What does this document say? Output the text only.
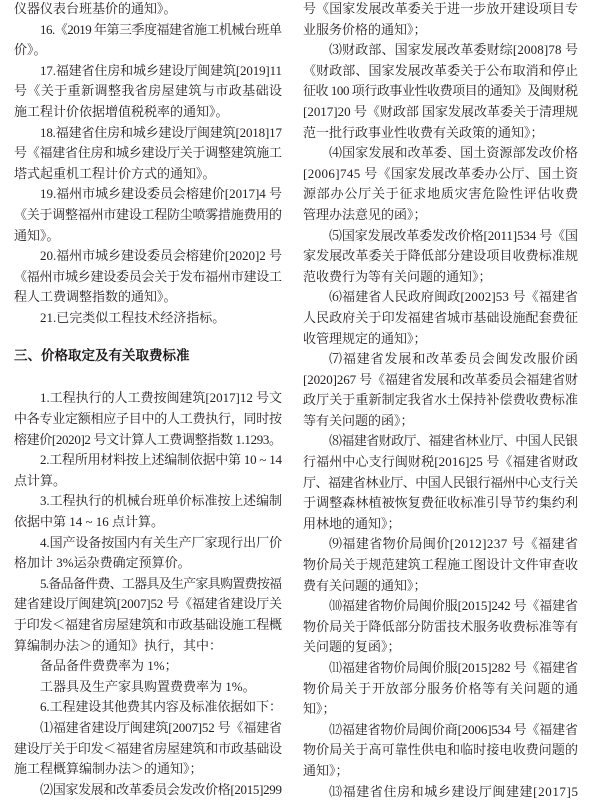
仪器仪表台班基价的通知》。
16.《2019 年第三季度福建省施工机械台班单
价》。
17.福建省住房和城乡建设厅闽建筑[2019]11
号《关于重新调整我省房屋建筑与市政基础设
施工程计价依据增值税税率的通知》。
18.福建省住房和城乡建设厅闽建筑[2018]17
号《福建省住房和城乡建设厅关于调整建筑施工
塔式起重机工程计价方式的通知》。
19.福州市城乡建设委员会榕建价[2017]4 号
《关于调整福州市建设工程防尘喷雾措施费用的
通知》。
20.福州市城乡建设委员会榕建价[2020]2 号
《福州市城乡建设委员会关于发布福州市建设工
程人工费调整指数的通知》。
21.已完类似工程技术经济指标。
三、价格取定及有关取费标准
1.工程执行的人工费按闽建筑[2017]12 号文
中各专业定额相应子目中的人工费执行，同时按
榕建价[2020]2 号文计算人工费调整指数 1.1293。
2.工程所用材料按上述编制依据中第 10 ~ 14
点计算。
3.工程执行的机械台班单价标准按上述编制
依据中第 14 ~ 16 点计算。
4.国产设备按国内有关生产厂家现行出厂价
格加计 3%运杂费确定预算价。
5.备品备件费、工器具及生产家具购置费按福
建省建设厅闽建筑[2007]52 号《福建省建设厅关
于印发＜福建省房屋建筑和市政基础设施工程概
算编制办法＞的通知》执行，其中：
备品备件费费率为 1%；
工器具及生产家具购置费费率为 1%。
6.工程建设其他费其内容及标准依据如下：
⑴福建省建设厅闽建筑[2007]52 号《福建省
建设厅关于印发＜福建省房屋建筑和市政基础设
施工程概算编制办法＞的通知》；
⑵国家发展和改革委员会发改价格[2015]299
号《国家发展改革委关于进一步放开建设项目专
业服务价格的通知》；
⑶财政部、国家发展改革委财综[2008]78 号
《财政部、国家发展改革委关于公布取消和停止
征收 100 项行政事业性收费项目的通知》及闽财税
[2017]20 号《财政部 国家发展改革委关于清理规
范一批行政事业性收费有关政策的通知》；
⑷国家发展和改革委、国土资源部发改价格
[2006]745 号《国家发展改革委办公厅、国土资
源部办公厅关于征求地质灾害危险性评估收费
管理办法意见的函》；
⑸国家发展改革委发改价格[2011]534 号《国
家发展改革委关于降低部分建设项目收费标准规
范收费行为等有关问题的通知》；
⑹福建省人民政府闽政[2002]53 号《福建省
人民政府关于印发福建省城市基础设施配套费征
收管理规定的通知》；
⑺福建省发展和改革委员会闽发改服价函
[2020]267 号《福建省发展和改革委员会福建省财
政厅关于重新制定我省水土保持补偿费收费标准
等有关问题的函》；
⑻福建省财政厅、福建省林业厅、中国人民银
行福州中心支行闽财税[2016]25 号《福建省财政
厅、福建省林业厅、中国人民银行福州中心支行关
于调整森林植被恢复费征收标准引导节约集约利
用林地的通知》；
⑼福建省物价局闽价[2012]237 号《福建省
物价局关于规范建筑工程施工图设计文件审查收
费有关问题的通知》；
⑽福建省物价局闽价服[2015]242 号《福建省
物价局关于降低部分防雷技术服务收费标准等有
关问题的复函》；
⑾福建省物价局闽价服[2015]282 号《福建省
物价局关于开放部分服务价格等有关问题的通
知》；
⑿福建省物价局闽价商[2006]534 号《福建省
物价局关于高可靠性供电和临时接电收费问题的
通知》；
⒀福建省住房和城乡建设厅闽建建[2017]5
